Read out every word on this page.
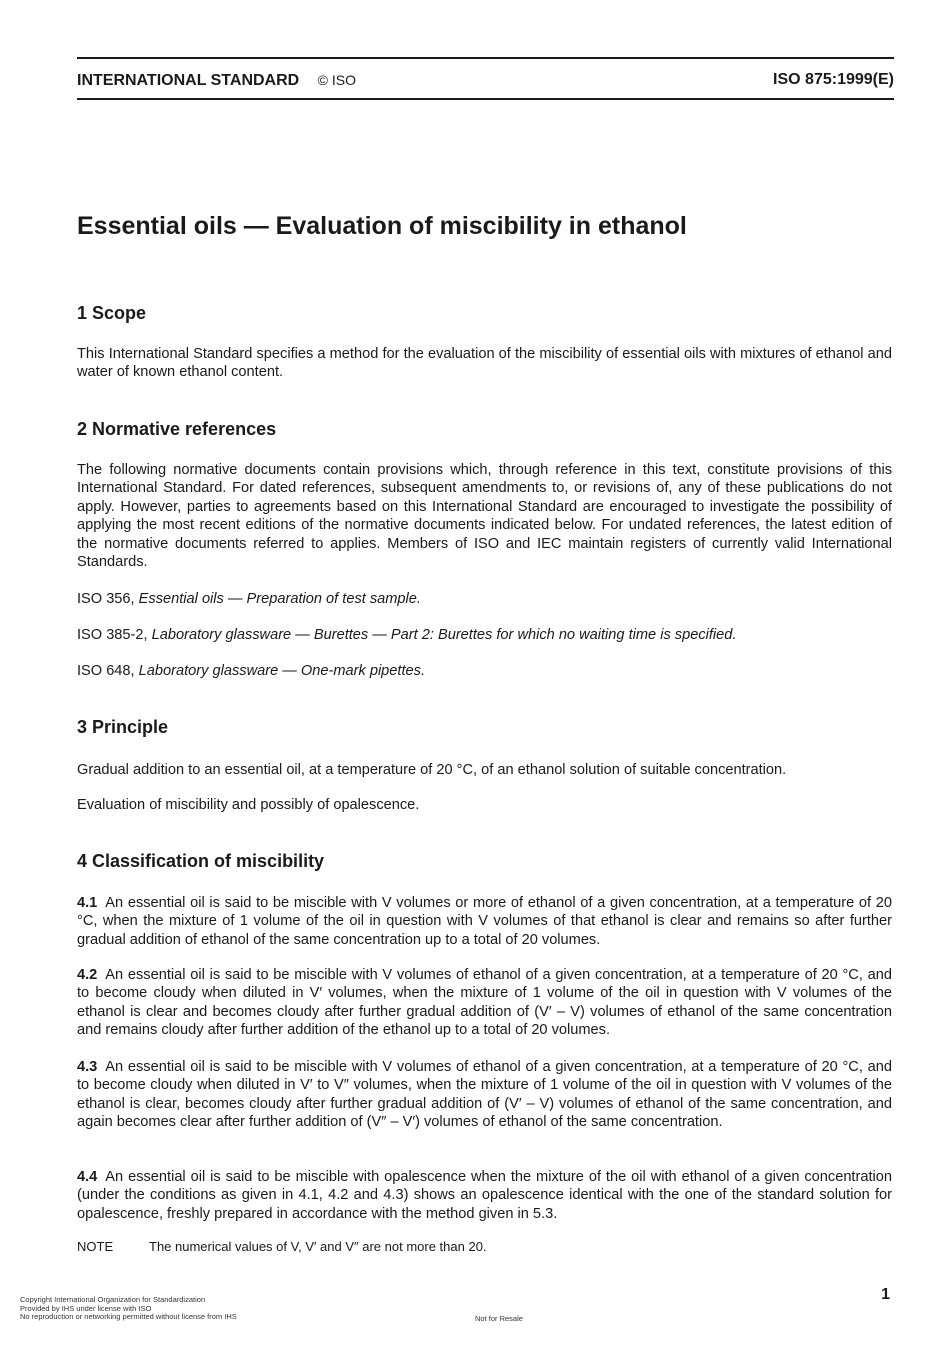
INTERNATIONAL STANDARD © ISO	ISO 875:1999(E)
Essential oils — Evaluation of miscibility in ethanol
1 Scope

This International Standard specifies a method for the evaluation of the miscibility of essential oils with mixtures of ethanol and water of known ethanol content.

2 Normative references

The following normative documents contain provisions which, through reference in this text, constitute provisions of this International Standard. For dated references, subsequent amendments to, or revisions of, any of these publications do not apply. However, parties to agreements based on this International Standard are encouraged to investigate the possibility of applying the most recent editions of the normative documents indicated below. For undated references, the latest edition of the normative documents referred to applies. Members of ISO and IEC maintain registers of currently valid International Standards.

ISO 356, Essential oils — Preparation of test sample.

ISO 385-2, Laboratory glassware — Burettes — Part 2: Burettes for which no waiting time is specified.

ISO 648, Laboratory glassware — One-mark pipettes.

3 Principle

Gradual addition to an essential oil, at a temperature of 20 °C, of an ethanol solution of suitable concentration.

Evaluation of miscibility and possibly of opalescence.

4 Classification of miscibility

4.1 An essential oil is said to be miscible with V volumes or more of ethanol of a given concentration, at a temperature of 20 °C, when the mixture of 1 volume of the oil in question with V volumes of that ethanol is clear and remains so after further gradual addition of ethanol of the same concentration up to a total of 20 volumes.

4.2 An essential oil is said to be miscible with V volumes of ethanol of a given concentration, at a temperature of 20 °C, and to become cloudy when diluted in V′ volumes, when the mixture of 1 volume of the oil in question with V volumes of the ethanol is clear and becomes cloudy after further gradual addition of (V′ – V) volumes of ethanol of the same concentration and remains cloudy after further addition of the ethanol up to a total of 20 volumes.

4.3 An essential oil is said to be miscible with V volumes of ethanol of a given concentration, at a temperature of 20 °C, and to become cloudy when diluted in V′ to V″ volumes, when the mixture of 1 volume of the oil in question with V volumes of the ethanol is clear, becomes cloudy after further gradual addition of (V′ – V) volumes of ethanol of the same concentration, and again becomes clear after further addition of (V″ – V′) volumes of ethanol of the same concentration.

4.4 An essential oil is said to be miscible with opalescence when the mixture of the oil with ethanol of a given concentration (under the conditions as given in 4.1, 4.2 and 4.3) shows an opalescence identical with the one of the standard solution for opalescence, freshly prepared in accordance with the method given in 5.3.

NOTE	The numerical values of V, V′ and V″ are not more than 20.
1
Copyright International Organization for Standardization
Provided by IHS under license with ISO
No reproduction or networking permitted without license from IHS	Not for Resale
